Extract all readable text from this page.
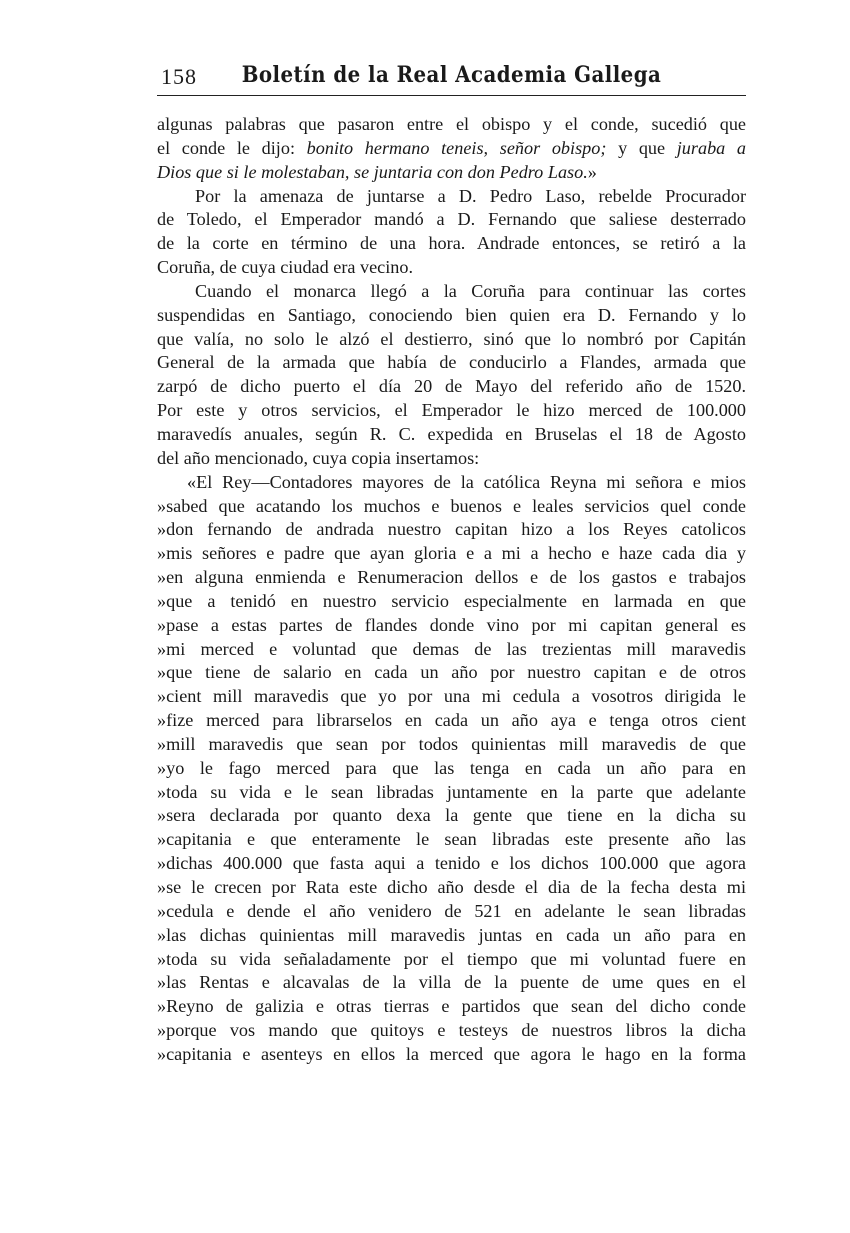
158	Boletín de la Real Academia Gallega
algunas palabras que pasaron entre el obispo y el conde, sucedió que
el conde le dijo: bonito hermano teneis, señor obispo; y que juraba a
Dios que si le molestaban, se juntaria con don Pedro Laso.»
Por la amenaza de juntarse a D. Pedro Laso, rebelde Procurador
de Toledo, el Emperador mandó a D. Fernando que saliese desterrado
de la corte en término de una hora. Andrade entonces, se retiró a la
Coruña, de cuya ciudad era vecino.
Cuando el monarca llegó a la Coruña para continuar las cortes
suspendidas en Santiago, conociendo bien quien era D. Fernando y lo
que valía, no solo le alzó el destierro, sinó que lo nombró por Capitán
General de la armada que había de conducirlo a Flandes, armada que
zarpó de dicho puerto el día 20 de Mayo del referido año de 1520.
Por este y otros servicios, el Emperador le hizo merced de 100.000
maravedís anuales, según R. C. expedida en Bruselas el 18 de Agosto
del año mencionado, cuya copia insertamos:
«El Rey—Contadores mayores de la católica Reyna mi señora e mios
»sabed que acatando los muchos e buenos e leales servicios quel conde
»don fernando de andrada nuestro capitan hizo a los Reyes catolicos
»mis señores e padre que ayan gloria e a mi a hecho e haze cada dia y
»en alguna enmienda e Renumeracion dellos e de los gastos e trabajos
»que a tenidó en nuestro servicio especialmente en larmada en que
»pase a estas partes de flandes donde vino por mi capitan general es
»mi merced e voluntad que demas de las trezientas mill maravedis
»que tiene de salario en cada un año por nuestro capitan e de otros
»cient mill maravedis que yo por una mi cedula a vosotros dirigida le
»fize merced para librarselos en cada un año aya e tenga otros cient
»mill maravedis que sean por todos quinientas mill maravedis de que
»yo le fago merced para que las tenga en cada un año para en
»toda su vida e le sean libradas juntamente en la parte que adelante
»sera declarada por quanto dexa la gente que tiene en la dicha su
»capitania e que enteramente le sean libradas este presente año las
»dichas 400.000 que fasta aqui a tenido e los dichos 100.000 que agora
»se le crecen por Rata este dicho año desde el dia de la fecha desta mi
»cedula e dende el año venidero de 521 en adelante le sean libradas
»las dichas quinientas mill maravedis juntas en cada un año para en
»toda su vida señaladamente por el tiempo que mi voluntad fuere en
»las Rentas e alcavalas de la villa de la puente de ume ques en el
»Reyno de galizia e otras tierras e partidos que sean del dicho conde
»porque vos mando que quitoys e testeys de nuestros libros la dicha
»capitania e asenteys en ellos la merced que agora le hago en la forma
